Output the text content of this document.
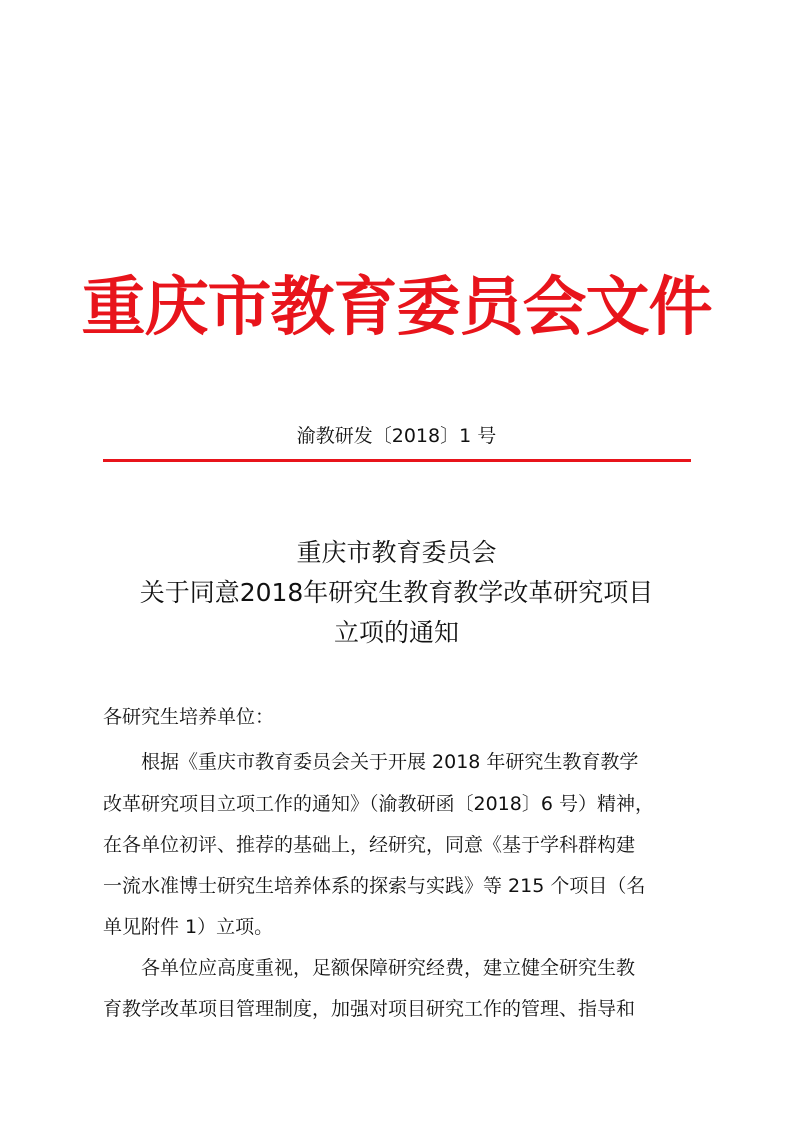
重庆市教育委员会文件
渝教研发〔2018〕1 号
重庆市教育委员会
关于同意2018年研究生教育教学改革研究项目
立项的通知
各研究生培养单位：
根据《重庆市教育委员会关于开展 2018 年研究生教育教学
改革研究项目立项工作的通知》（渝教研函〔2018〕6 号）精神，
在各单位初评、推荐的基础上，经研究，同意《基于学科群构建
一流水准博士研究生培养体系的探索与实践》等 215 个项目（名
单见附件 1）立项。
各单位应高度重视，足额保障研究经费，建立健全研究生教
育教学改革项目管理制度，加强对项目研究工作的管理、指导和
